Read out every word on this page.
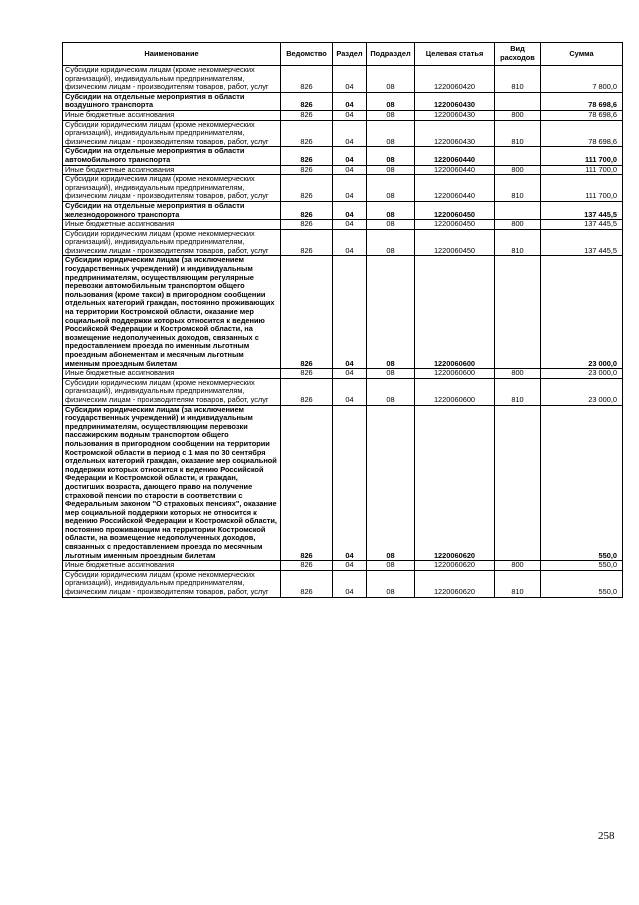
Наименование	Ведомство	Раздел	Подраздел	Целевая статья	Вид расходов	Сумма
Субсидии юридическим лицам (кроме некоммерческих организаций), индивидуальным предпринимателям, физическим лицам - производителям товаров, работ, услуг	826	04	08	1220060420	810	7 800,0
Субсидии на отдельные мероприятия в области воздушного транспорта	826	04	08	1220060430		78 698,6
Иные бюджетные ассигнования	826	04	08	1220060430	800	78 698,6
Субсидии юридическим лицам (кроме некоммерческих организаций), индивидуальным предпринимателям, физическим лицам - производителям товаров, работ, услуг	826	04	08	1220060430	810	78 698,6
Субсидии на отдельные мероприятия в области автомобильного транспорта	826	04	08	1220060440		111 700,0
Иные бюджетные ассигнования	826	04	08	1220060440	800	111 700,0
Субсидии юридическим лицам (кроме некоммерческих организаций), индивидуальным предпринимателям, физическим лицам - производителям товаров, работ, услуг	826	04	08	1220060440	810	111 700,0
Субсидии на отдельные мероприятия в области железнодорожного транспорта	826	04	08	1220060450		137 445,5
Иные бюджетные ассигнования	826	04	08	1220060450	800	137 445,5
Субсидии юридическим лицам (кроме некоммерческих организаций), индивидуальным предпринимателям, физическим лицам - производителям товаров, работ, услуг	826	04	08	1220060450	810	137 445,5
Субсидии юридическим лицам (за исключением государственных учреждений) и индивидуальным предпринимателям, осуществляющим регулярные перевозки автомобильным транспортом общего пользования (кроме такси) в пригородном сообщении отдельных категорий граждан, постоянно проживающих на территории Костромской области, оказание мер социальной поддержки которых относится к ведению Российской Федерации и Костромской области, на возмещение недополученных доходов, связанных с предоставлением проезда по именным льготным проездным абонементам и месячным льготным именным проездным билетам	826	04	08	1220060600		23 000,0
Иные бюджетные ассигнования	826	04	08	1220060600	800	23 000,0
Субсидии юридическим лицам (кроме некоммерческих организаций), индивидуальным предпринимателям, физическим лицам - производителям товаров, работ, услуг	826	04	08	1220060600	810	23 000,0
Субсидии юридическим лицам (за исключением государственных учреждений) и индивидуальным предпринимателям, осуществляющим перевозки пассажирским водным транспортом общего пользования в пригородном сообщении на территории Костромской области в период с 1 мая по 30 сентября отдельных категорий граждан, оказание мер социальной поддержки которых относится к ведению Российской Федерации и Костромской области, и граждан, достигших возраста, дающего право на получение страховой пенсии по старости в соответствии с Федеральным законом "О страховых пенсиях", оказание мер социальной поддержки которых не относится к ведению Российской Федерации и Костромской области, постоянно проживающим на территории Костромской области, на возмещение недополученных доходов, связанных с предоставлением проезда по месячным льготным именным проездным билетам	826	04	08	1220060620		550,0
Иные бюджетные ассигнования	826	04	08	1220060620	800	550,0
Субсидии юридическим лицам (кроме некоммерческих организаций), индивидуальным предпринимателям, физическим лицам - производителям товаров, работ, услуг	826	04	08	1220060620	810	550,0
258
